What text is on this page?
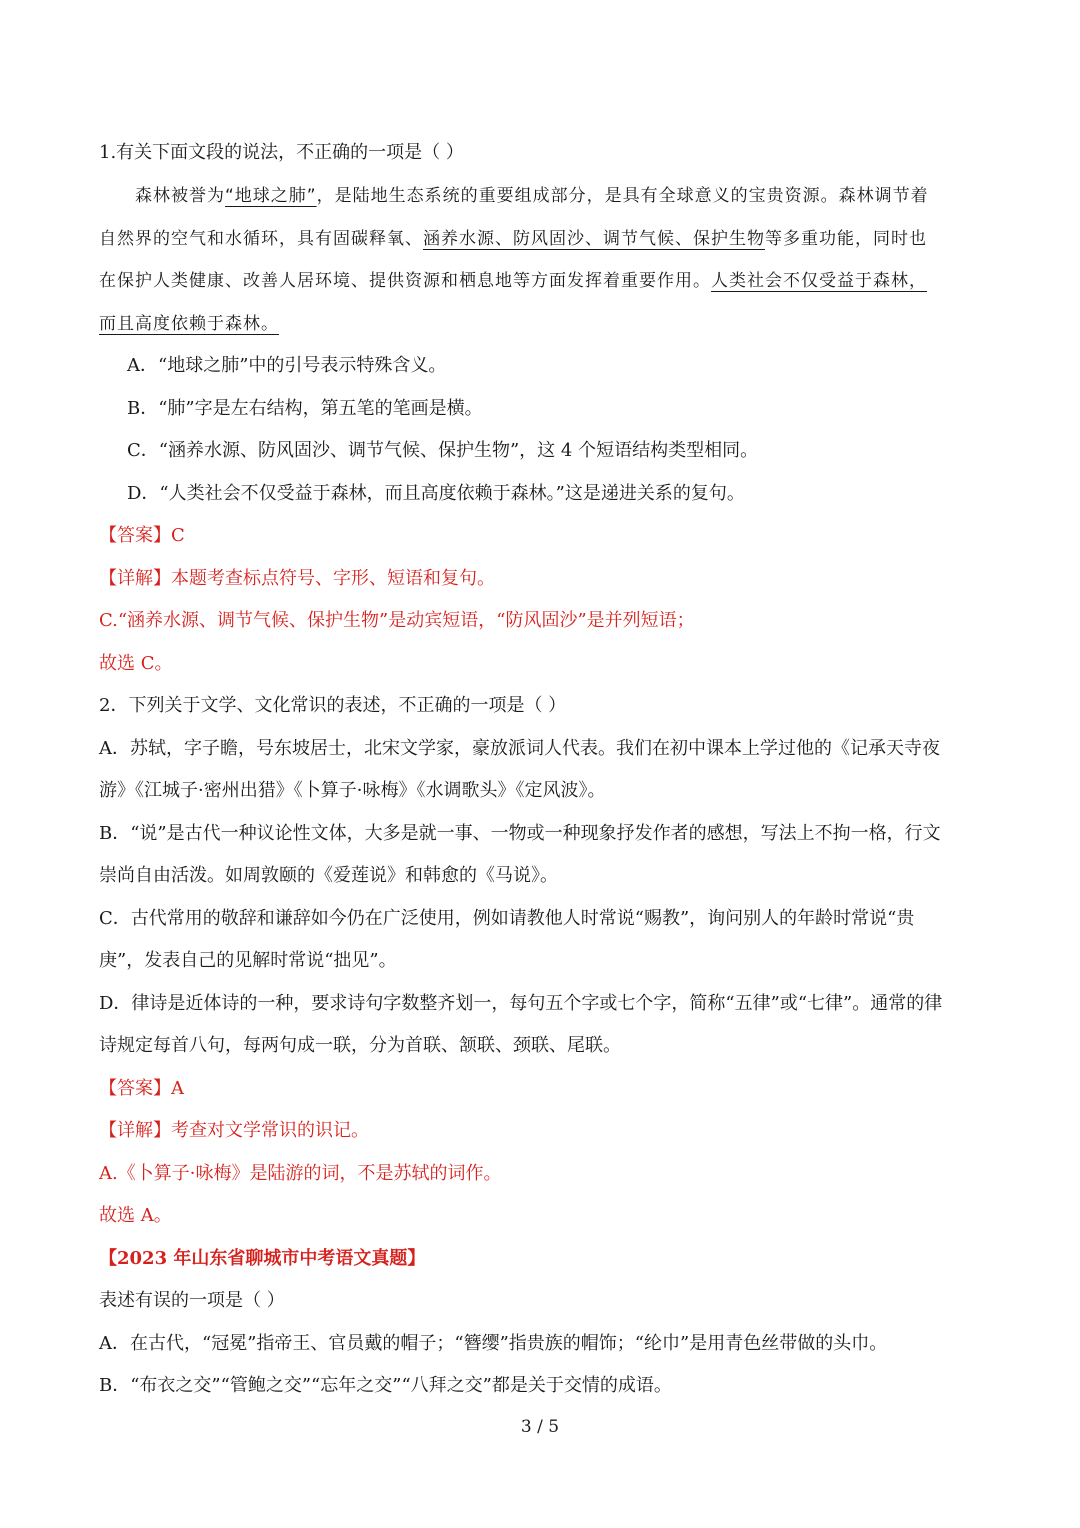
1.有关下面文段的说法，不正确的一项是（ ）
　　森林被誉为“地球之肺”，是陆地生态系统的重要组成部分，是具有全球意义的宝贵资源。森林调节着
自然界的空气和水循环，具有固碳释氧、涵养水源、防风固沙、调节气候、保护生物等多重功能，同时也
在保护人类健康、改善人居环境、提供资源和栖息地等方面发挥着重要作用。人类社会不仅受益于森林，
而且高度依赖于森林。
A．“地球之肺”中的引号表示特殊含义。
B．“肺”字是左右结构，第五笔的笔画是横。
C．“涵养水源、防风固沙、调节气候、保护生物”，这 4 个短语结构类型相同。
D．“人类社会不仅受益于森林，而且高度依赖于森林。”这是递进关系的复句。
【答案】C
【详解】本题考查标点符号、字形、短语和复句。
C.“涵养水源、调节气候、保护生物”是动宾短语，“防风固沙”是并列短语；
故选 C。
2．下列关于文学、文化常识的表述，不正确的一项是（ ）
A．苏轼，字子瞻，号东坡居士，北宋文学家，豪放派词人代表。我们在初中课本上学过他的《记承天寺夜
游》《江城子·密州出猎》《卜算子·咏梅》《水调歌头》《定风波》。
B．“说”是古代一种议论性文体，大多是就一事、一物或一种现象抒发作者的感想，写法上不拘一格，行文
崇尚自由活泼。如周敦颐的《爱莲说》和韩愈的《马说》。
C．古代常用的敬辞和谦辞如今仍在广泛使用，例如请教他人时常说“赐教”，询问别人的年龄时常说“贵
庚”，发表自己的见解时常说“拙见”。
D．律诗是近体诗的一种，要求诗句字数整齐划一，每句五个字或七个字，简称“五律”或“七律”。通常的律
诗规定每首八句，每两句成一联，分为首联、颔联、颈联、尾联。
【答案】A
【详解】考查对文学常识的识记。
A.《卜算子·咏梅》是陆游的词，不是苏轼的词作。
故选 A。
【2023 年山东省聊城市中考语文真题】
表述有误的一项是（ ）
A．在古代，“冠冕”指帝王、官员戴的帽子；“簪缨”指贵族的帽饰；“纶巾”是用青色丝带做的头巾。
B．“布衣之交”“管鲍之交”“忘年之交”“八拜之交”都是关于交情的成语。
3 / 5
